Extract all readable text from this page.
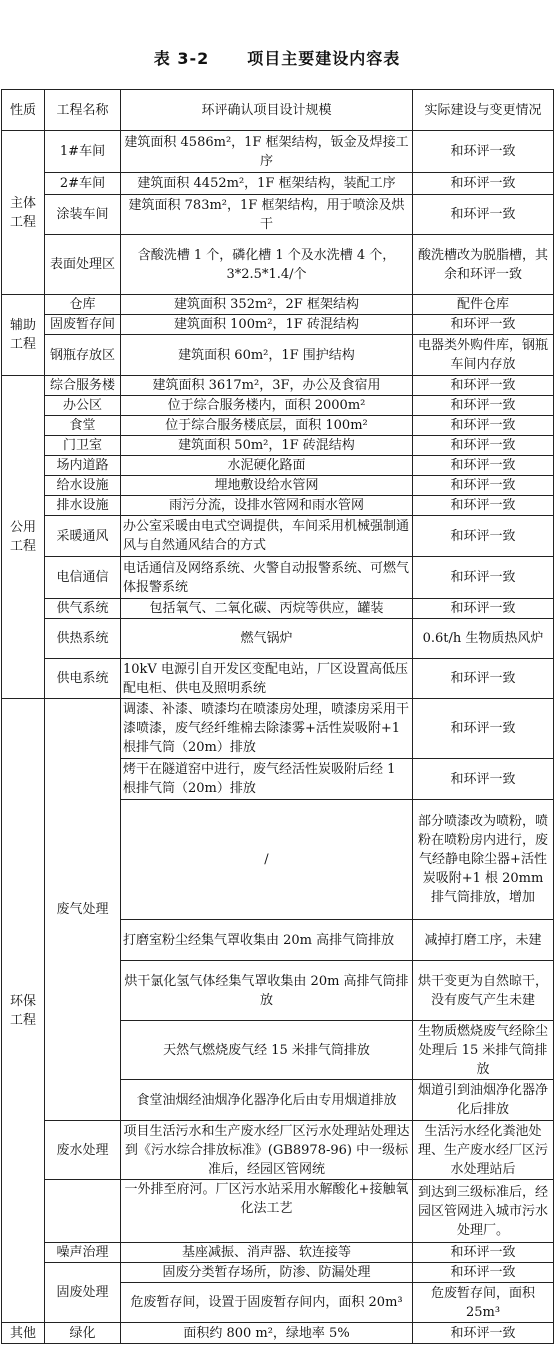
表 3-2 项目主要建设内容表
性质	工程名称	环评确认项目设计规模	实际建设与变更情况
主体工程	1#车间	建筑面积 4586m²，1F 框架结构，钣金及焊接工序	和环评一致
	2#车间	建筑面积 4452m²，1F 框架结构，装配工序	和环评一致
	涂装车间	建筑面积 783m²，1F 框架结构，用于喷涂及烘干	和环评一致
	表面处理区	含酸洗槽 1 个，磷化槽 1 个及水洗槽 4 个，3*2.5*1.4/个	酸洗槽改为脱脂槽，其余和环评一致
辅助工程	仓库	建筑面积 352m²，2F 框架结构	配件仓库
	固废暂存间	建筑面积 100m²，1F 砖混结构	和环评一致
	钢瓶存放区	建筑面积 60m²，1F 围护结构	电器类外购件库，钢瓶车间内存放
公用工程	综合服务楼	建筑面积 3617m²，3F，办公及食宿用	和环评一致
	办公区	位于综合服务楼内，面积 2000m²	和环评一致
	食堂	位于综合服务楼底层，面积 100m²	和环评一致
	门卫室	建筑面积 50m²，1F 砖混结构	和环评一致
	场内道路	水泥硬化路面	和环评一致
	给水设施	埋地敷设给水管网	和环评一致
	排水设施	雨污分流，设排水管网和雨水管网	和环评一致
	采暖通风	办公室采暖由电式空调提供，车间采用机械强制通风与自然通风结合的方式	和环评一致
	电信通信	电话通信及网络系统、火警自动报警系统、可燃气体报警系统	和环评一致
	供气系统	包括氧气、二氧化碳、丙烷等供应，罐装	和环评一致
	供热系统	燃气锅炉	0.6t/h 生物质热风炉
	供电系统	10kV 电源引自开发区变配电站，厂区设置高低压配电柜、供电及照明系统	和环评一致
环保工程	废气处理	调漆、补漆、喷漆均在喷漆房处理，喷漆房采用干漆喷漆，废气经纤维棉去除漆雾+活性炭吸附+1 根排气筒（20m）排放	和环评一致
		烤干在隧道窑中进行，废气经活性炭吸附后经 1 根排气筒（20m）排放	和环评一致
		/	部分喷漆改为喷粉，喷粉在喷粉房内进行，废气经静电除尘器+活性炭吸附+1 根 20mm 排气筒排放，增加
		打磨室粉尘经集气罩收集由 20m 高排气筒排放	减掉打磨工序，未建
		烘干氯化氢气体经集气罩收集由 20m 高排气筒排放	烘干变更为自然晾干，没有废气产生未建
		天然气燃烧废气经 15 米排气筒排放	生物质燃烧废气经除尘处理后 15 米排气筒排放
		食堂油烟经油烟净化器净化后由专用烟道排放	烟道引到油烟净化器净化后排放
	废水处理	项目生活污水和生产废水经厂区污水处理站处理达到《污水综合排放标准》(GB8978-96) 中一级标准后，经园区管网统	生活污水经化粪池处理、生产废水经厂区污水处理站后
		一外排至府河。厂区污水站采用水解酸化+接触氧化法工艺	到达到三级标准后，经园区管网进入城市污水处理厂。
	噪声治理	基座减振、消声器、软连接等	和环评一致
	固废处理	固废分类暂存场所，防渗、防漏处理	和环评一致
		危废暂存间，设置于固废暂存间内，面积 20m³	危废暂存间，面积 25m³
其他	绿化	面积约 800 m²，绿地率 5%	和环评一致
